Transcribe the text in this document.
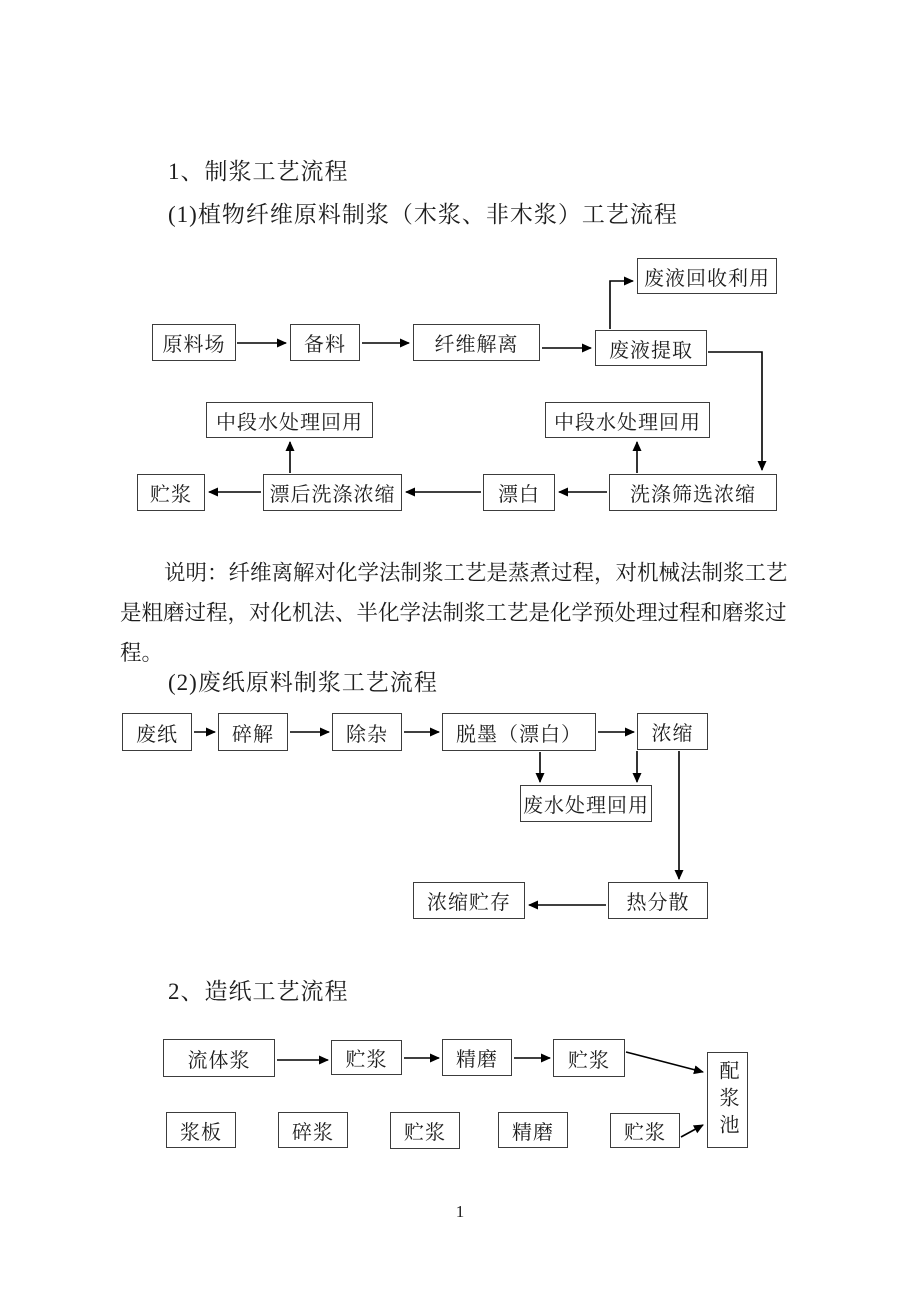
1、制浆工艺流程
(1)植物纤维原料制浆（木浆、非木浆）工艺流程
原料场	备料	纤维解离	废液提取
废液回收利用
中段水处理回用	中段水处理回用
贮浆	漂后洗涤浓缩	漂白	洗涤筛选浓缩
说明：纤维离解对化学法制浆工艺是蒸煮过程，对机械法制浆工艺
是粗磨过程，对化机法、半化学法制浆工艺是化学预处理过程和磨浆过
程。
(2)废纸原料制浆工艺流程
废纸	碎解	除杂	脱墨（漂白）	浓缩
废水处理回用
热分散
浓缩贮存
2、造纸工艺流程
流体浆	贮浆	精磨	贮浆	配浆池
浆板	碎浆	贮浆	精磨	贮浆
1
